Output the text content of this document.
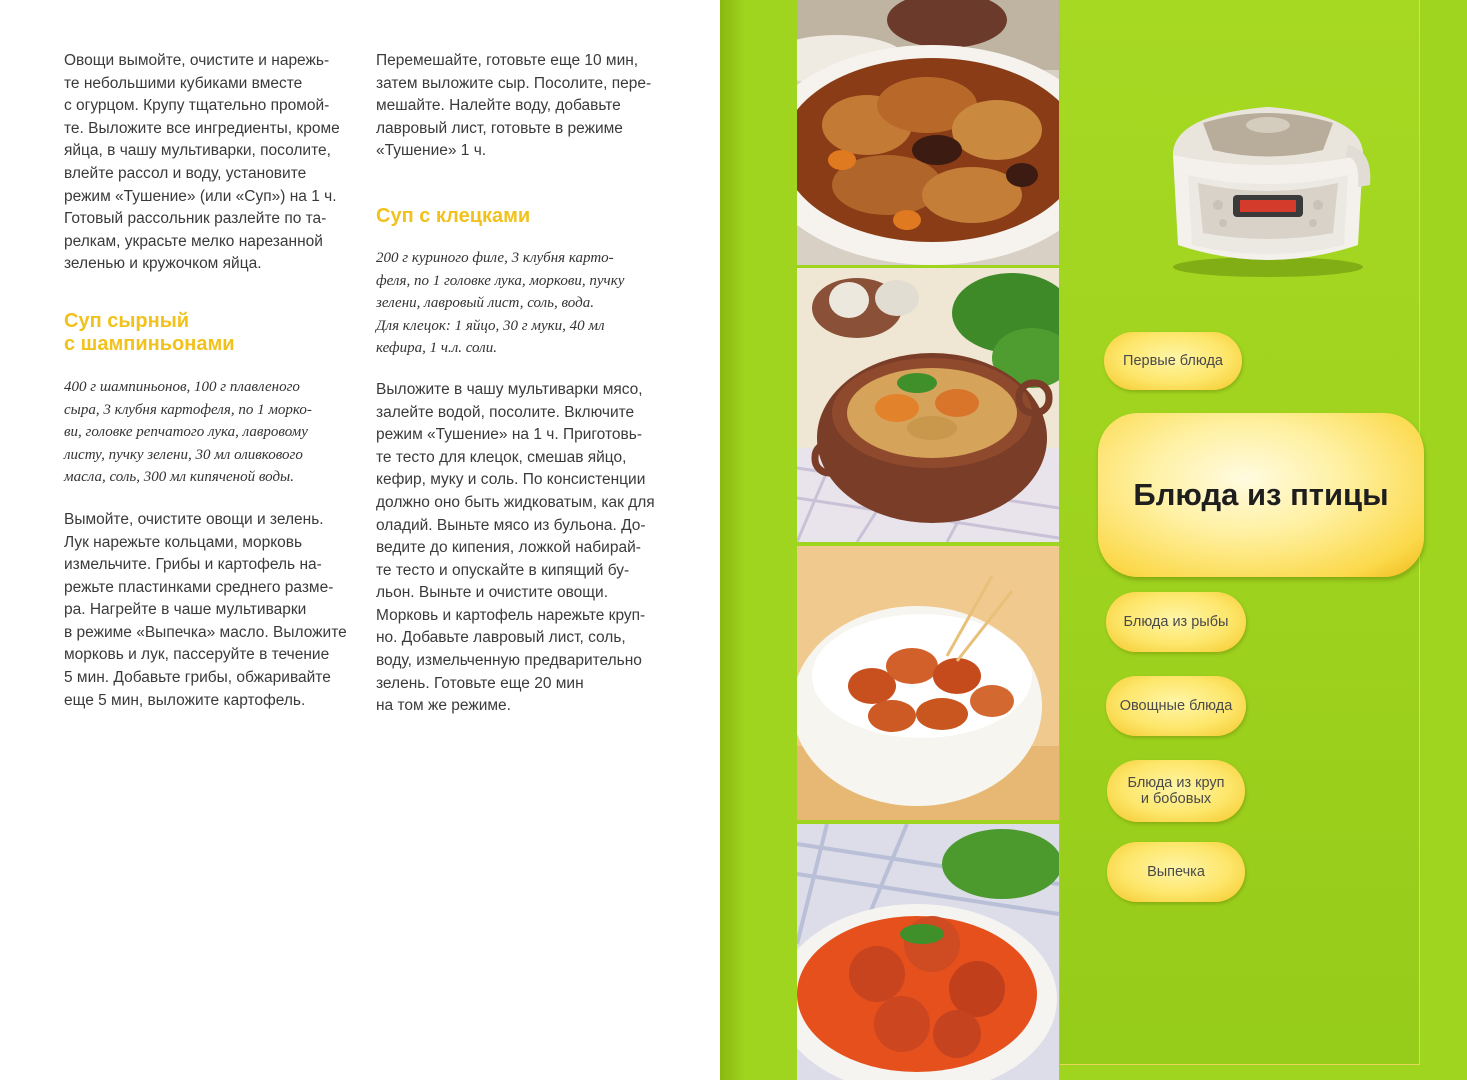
Овощи вымойте, очистите и нарежь-

те небольшими кубиками вместе

с огурцом. Крупу тщательно промой-

те. Выложите все ингредиенты, кроме

яйца, в чашу мультиварки, посолите,

влейте рассол и воду, установите

режим «Тушение» (или «Суп») на 1 ч.

Готовый рассольник разлейте по та-

релкам, украсьте мелко нарезанной

зеленью и кружочком яйца.

Суп сырный
с шампиньонами

400 г шампиньонов, 100 г плавленого

сыра, 3 клубня картофеля, по 1 морко-

ви, головке репчатого лука, лавровому

листу, пучку зелени, 30 мл оливкового

масла, соль, 300 мл кипяченой воды.

Вымойте, очистите овощи и зелень.

Лук нарежьте кольцами, морковь

измельчите. Грибы и картофель на-

режьте пластинками среднего разме-

ра. Нагрейте в чаше мультиварки

в режиме «Выпечка» масло. Выложите

морковь и лук, пассеруйте в течение

5 мин. Добавьте грибы, обжаривайте

еще 5 мин, выложите картофель.

Перемешайте, готовьте еще 10 мин,

затем выложите сыр. Посолите, пере-

мешайте. Налейте воду, добавьте

лавровый лист, готовьте в режиме

«Тушение» 1 ч.

Суп с клецками

200 г куриного филе, 3 клубня карто-

феля, по 1 головке лука, моркови, пучку

зелени, лавровый лист, соль, вода.

Для клецок: 1 яйцо, 30 г муки, 40 мл

кефира, 1 ч.л. соли.

Выложите в чашу мультиварки мясо,

залейте водой, посолите. Включите

режим «Тушение» на 1 ч. Приготовь-

те тесто для клецок, смешав яйцо,

кефир, муку и соль. По консистенции

должно оно быть жидковатым, как для

оладий. Выньте мясо из бульона. До-

ведите до кипения, ложкой набирай-

те тесто и опускайте в кипящий бу-

льон. Выньте и очистите овощи.

Морковь и картофель нарежьте круп-

но. Добавьте лавровый лист, соль,

воду, измельченную предварительно

зелень. Готовьте еще 20 мин

на том же режиме.

Первые блюда
Блюда из птицы
Блюда из рыбы
Овощные блюда
Блюда из круп
и бобовых
Выпечка
